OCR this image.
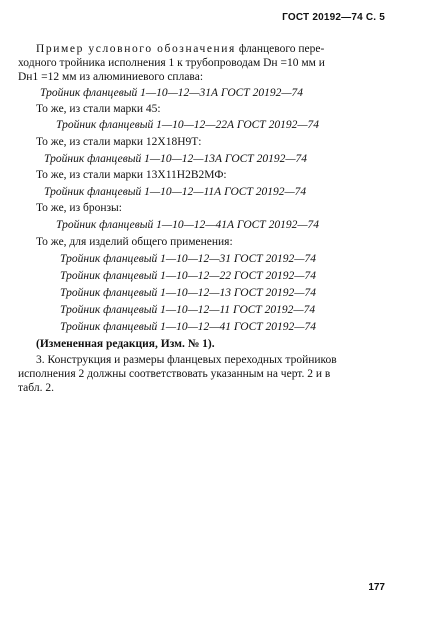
ГОСТ 20192—74 С. 5
Пример условного обозначения фланцевого пере-
ходного тройника исполнения 1 к трубопроводам Dн =10 мм и
Dн1 =12 мм из алюминиевого сплава:
Тройник фланцевый 1—10—12—31А ГОСТ 20192—74
То же, из стали марки 45:
Тройник фланцевый 1—10—12—22А ГОСТ 20192—74
То же, из стали марки 12Х18Н9Т:
Тройник фланцевый 1—10—12—13А ГОСТ 20192—74
То же, из стали марки 13Х11Н2В2МФ:
Тройник фланцевый 1—10—12—11А ГОСТ 20192—74
То же, из бронзы:
Тройник фланцевый 1—10—12—41А ГОСТ 20192—74
То же, для изделий общего применения:
Тройник фланцевый 1—10—12—31 ГОСТ 20192—74
Тройник фланцевый 1—10—12—22 ГОСТ 20192—74
Тройник фланцевый 1—10—12—13 ГОСТ 20192—74
Тройник фланцевый 1—10—12—11 ГОСТ 20192—74
Тройник фланцевый 1—10—12—41 ГОСТ 20192—74
(Измененная редакция, Изм. № 1).
3. Конструкция и размеры фланцевых переходных тройников
исполнения 2 должны соответствовать указанным на черт. 2 и в
табл. 2.
177
